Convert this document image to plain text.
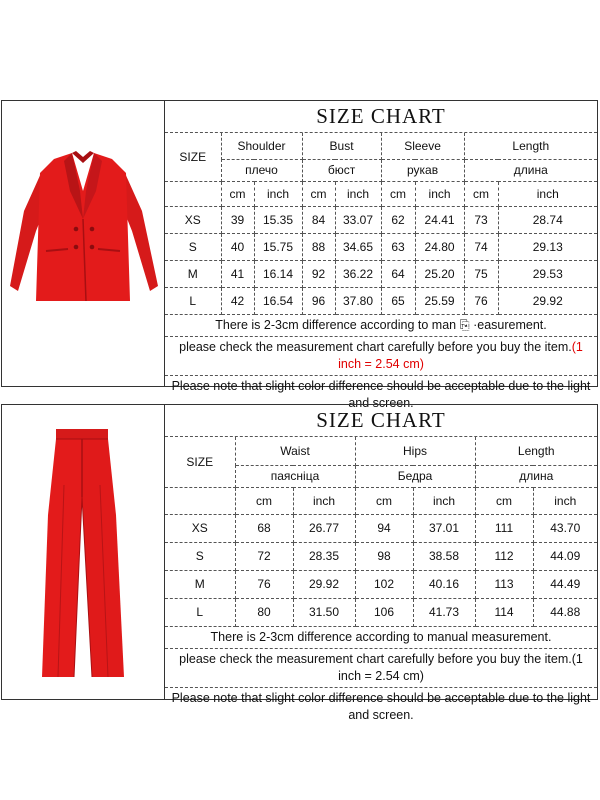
SIZE CHART
SIZE	Shoulder		Bust		Sleeve		Length	
	плечо		бюст		рукав		длина	
	cm	inch	cm	inch	cm	inch	cm	inch
XS	39	15.35	84	33.07	62	24.41	73	28.74
S	40	15.75	88	34.65	63	24.80	74	29.13
M	41	16.14	92	36.22	64	25.20	75	29.53
L	42	16.54	96	37.80	65	25.59	76	29.92
There is 2-3cm difference according to man ⎘ ·easurement.
please check the measurement chart carefully before you buy the item.(1 inch = 2.54 cm)
Please note that slight color difference should be acceptable due to the light and screen.
SIZE CHART
SIZE	Waist		Hips		Length	
	паясніца		Бедра		длина	
	cm	inch	cm	inch	cm	inch
XS	68	26.77	94	37.01	111	43.70
S	72	28.35	98	38.58	112	44.09
M	76	29.92	102	40.16	113	44.49
L	80	31.50	106	41.73	114	44.88
There is 2-3cm difference according to manual measurement.
please check the measurement chart carefully before you buy the item.(1 inch = 2.54 cm)
Please note that slight color difference should be acceptable due to the light and screen.
